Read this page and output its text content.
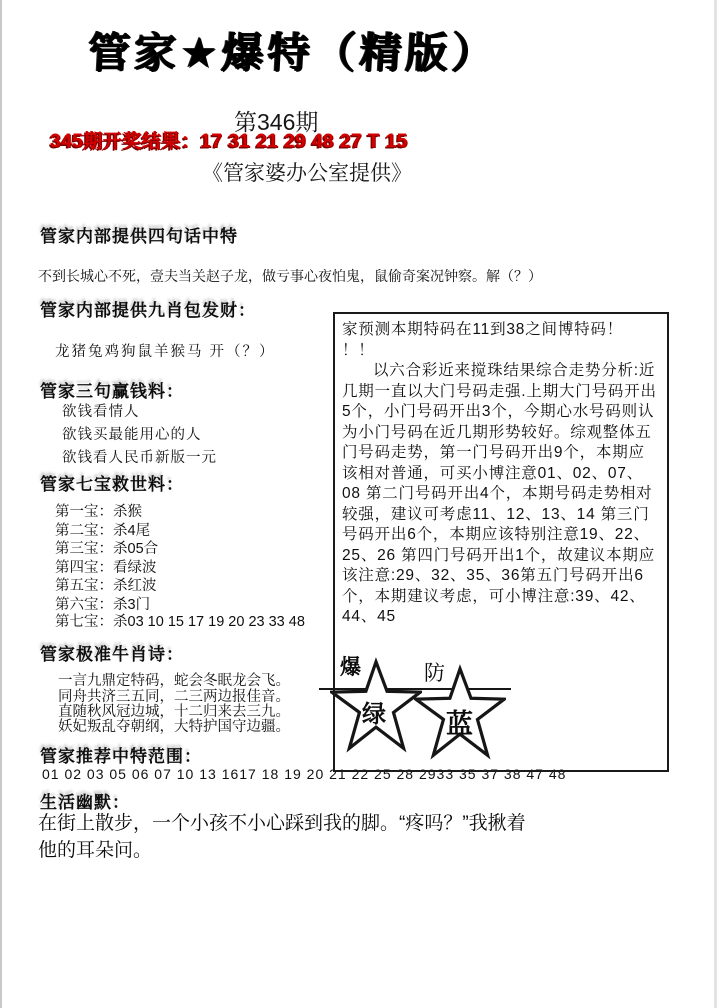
管家★爆特（精版）
第346期
345期开奖结果：17 31 21 29 48 27 T 15
《管家婆办公室提供》
管家内部提供四句话中特
不到长城心不死，壹夫当关赵子龙，做亏事心夜怕鬼，鼠偷奇案况钟察。解（？）
管家内部提供九肖包发财：
龙猪兔鸡狗鼠羊猴马 开（？）
管家三句赢钱料：
欲钱看情人
欲钱买最能用心的人
欲钱看人民币新版一元
管家七宝救世料：
第一宝：杀猴
第二宝：杀4尾
第三宝：杀05合
第四宝：看绿波
第五宝：杀红波
第六宝：杀3门
第七宝：杀03 10 15 17 19 20 23 33 48
管家极准牛肖诗：
一言九鼎定特码，蛇会冬眠龙会飞。
同舟共济三五同，二三两边报佳音。
直随秋风冠边城，十二归来去三九。
妖妃叛乱夺朝纲，大特护国守边疆。
管家推荐中特范围：
01 02 03 05 06 07 10 13 1617 18 19 20 21 22 25 28 2933 35 37 38 47 48
生活幽默：
在街上散步，一个小孩不小心踩到我的脚。“疼吗？”我揪着他的耳朵问。
家预测本期特码在11到38之间博特码！
！！

以六合彩近来搅珠结果综合走势分析:近几期一直以大门号码走强.上期大门号码开出5个，小门号码开出3个，今期心水号码则认为小门号码在近几期形势较好。综观整体五门号码走势，第一门号码开出9个，本期应该相对普通，可买小博注意01、02、07、08 第二门号码开出4个，本期号码走势相对较强，建议可考虑11、12、13、14 第三门号码开出6个，本期应该特别注意19、22、25、26 第四门号码开出1个，故建议本期应该注意:29、32、35、36第五门号码开出6个，本期建议考虑，可小博注意:39、42、44、45

爆	防
绿 蓝
